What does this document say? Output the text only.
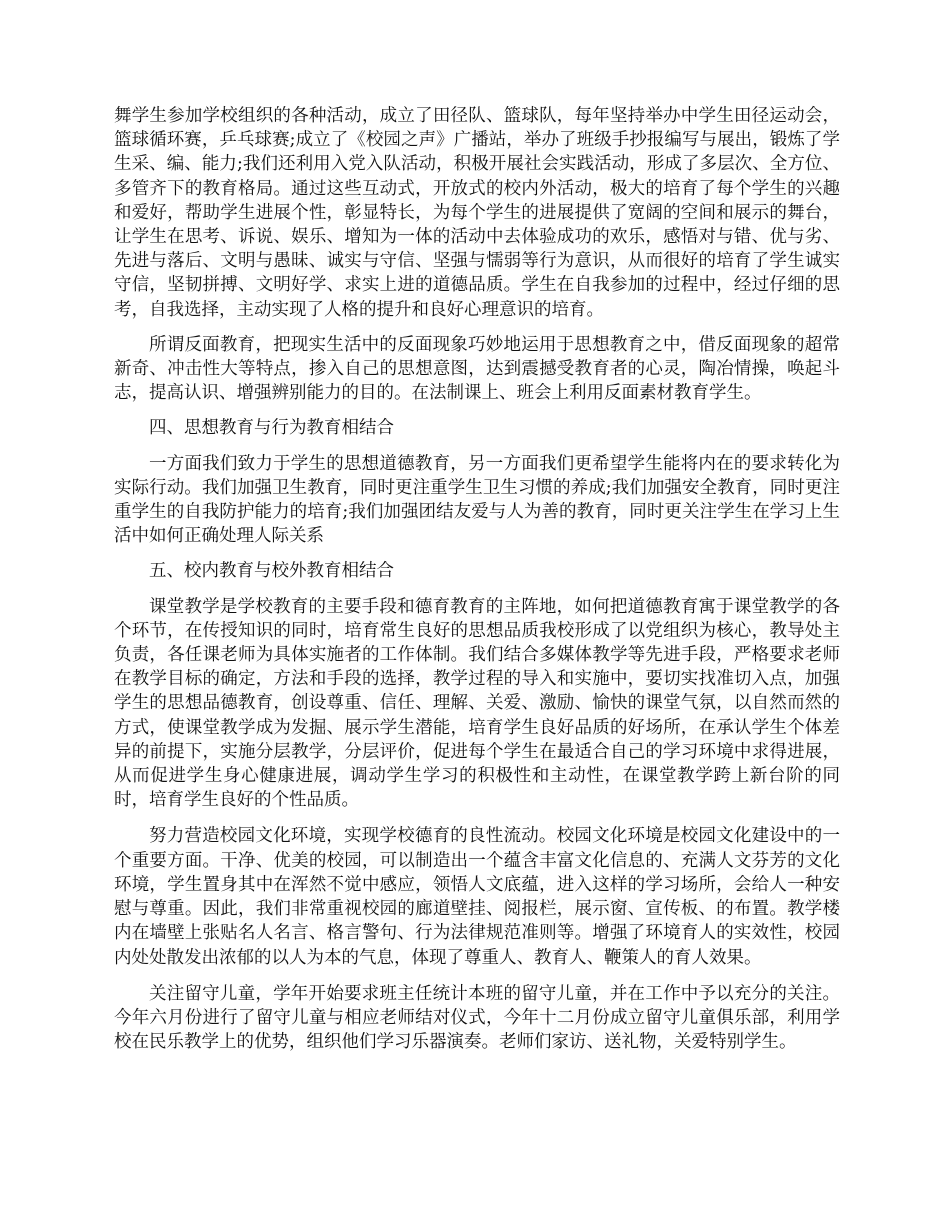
舞学生参加学校组织的各种活动，成立了田径队、篮球队，每年坚持举办中学生田径运动会，篮球循环赛，乒乓球赛;成立了《校园之声》广播站，举办了班级手抄报编写与展出，锻炼了学生采、编、能力;我们还利用入党入队活动，积极开展社会实践活动，形成了多层次、全方位、多管齐下的教育格局。通过这些互动式，开放式的校内外活动，极大的培育了每个学生的兴趣和爱好，帮助学生进展个性，彰显特长，为每个学生的进展提供了宽阔的空间和展示的舞台，让学生在思考、诉说、娱乐、增知为一体的活动中去体验成功的欢乐，感悟对与错、优与劣、先进与落后、文明与愚昧、诚实与守信、坚强与懦弱等行为意识，从而很好的培育了学生诚实守信，坚韧拼搏、文明好学、求实上进的道德品质。学生在自我参加的过程中，经过仔细的思考，自我选择，主动实现了人格的提升和良好心理意识的培育。

所谓反面教育，把现实生活中的反面现象巧妙地运用于思想教育之中，借反面现象的超常新奇、冲击性大等特点，掺入自己的思想意图，达到震撼受教育者的心灵，陶冶情操，唤起斗志，提高认识、增强辨别能力的目的。在法制课上、班会上利用反面素材教育学生。

四、思想教育与行为教育相结合

一方面我们致力于学生的思想道德教育，另一方面我们更希望学生能将内在的要求转化为实际行动。我们加强卫生教育，同时更注重学生卫生习惯的养成;我们加强安全教育，同时更注重学生的自我防护能力的培育;我们加强团结友爱与人为善的教育，同时更关注学生在学习上生活中如何正确处理人际关系

五、校内教育与校外教育相结合

课堂教学是学校教育的主要手段和德育教育的主阵地，如何把道德教育寓于课堂教学的各个环节，在传授知识的同时，培育常生良好的思想品质我校形成了以党组织为核心，教导处主负责，各任课老师为具体实施者的工作体制。我们结合多媒体教学等先进手段，严格要求老师在教学目标的确定，方法和手段的选择，教学过程的导入和实施中，要切实找准切入点，加强学生的思想品德教育，创设尊重、信任、理解、关爱、激励、愉快的课堂气氛，以自然而然的方式，使课堂教学成为发掘、展示学生潜能，培育学生良好品质的好场所，在承认学生个体差异的前提下，实施分层教学，分层评价，促进每个学生在最适合自己的学习环境中求得进展，从而促进学生身心健康进展，调动学生学习的积极性和主动性，在课堂教学跨上新台阶的同时，培育学生良好的个性品质。

努力营造校园文化环境，实现学校德育的良性流动。校园文化环境是校园文化建设中的一个重要方面。干净、优美的校园，可以制造出一个蕴含丰富文化信息的、充满人文芬芳的文化环境，学生置身其中在浑然不觉中感应，领悟人文底蕴，进入这样的学习场所，会给人一种安慰与尊重。因此，我们非常重视校园的廊道壁挂、阅报栏，展示窗、宣传板、的布置。教学楼内在墙壁上张贴名人名言、格言警句、行为法律规范准则等。增强了环境育人的实效性，校园内处处散发出浓郁的以人为本的气息，体现了尊重人、教育人、鞭策人的育人效果。

关注留守儿童，学年开始要求班主任统计本班的留守儿童，并在工作中予以充分的关注。今年六月份进行了留守儿童与相应老师结对仪式，今年十二月份成立留守儿童俱乐部，利用学校在民乐教学上的优势，组织他们学习乐器演奏。老师们家访、送礼物，关爱特别学生。
